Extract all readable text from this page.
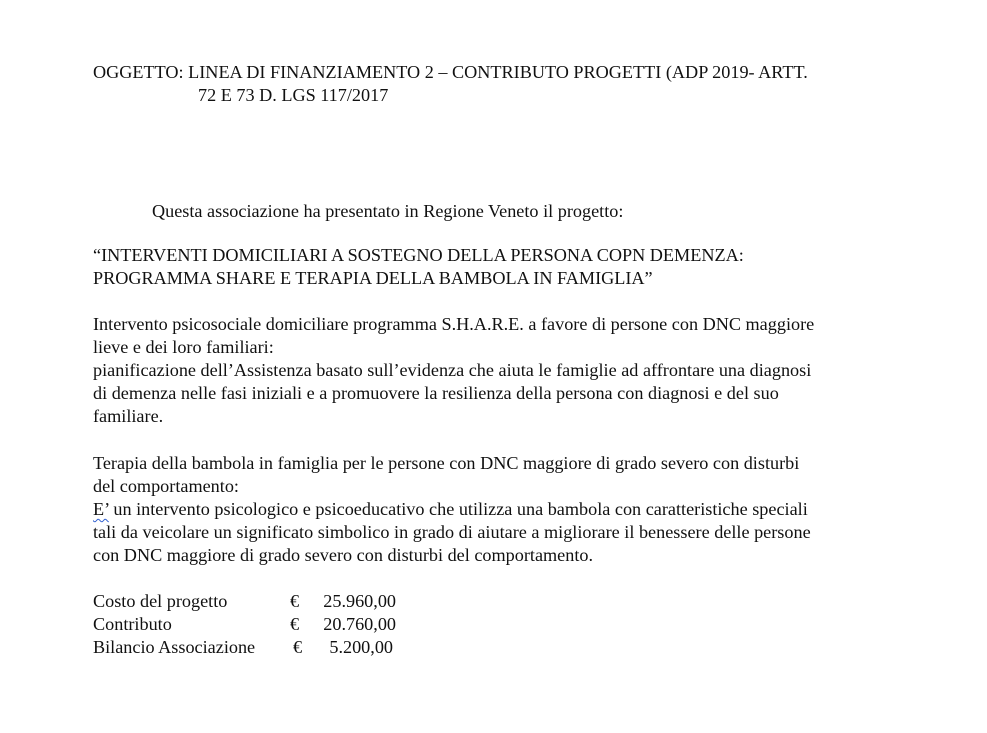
OGGETTO: LINEA DI FINANZIAMENTO 2 – CONTRIBUTO PROGETTI (ADP 2019- ARTT.
72 E 73 D. LGS 117/2017
Questa associazione ha presentato in Regione Veneto il progetto:
“INTERVENTI DOMICILIARI A SOSTEGNO DELLA PERSONA COPN DEMENZA:
PROGRAMMA SHARE E TERAPIA DELLA BAMBOLA IN FAMIGLIA”
Intervento psicosociale domiciliare programma S.H.A.R.E. a favore di persone con DNC maggiore
lieve e dei loro familiari:
pianificazione dell’Assistenza basato sull’evidenza che aiuta le famiglie ad affrontare una diagnosi
di demenza nelle fasi iniziali e a promuovere la resilienza della persona con diagnosi e del suo
familiare.
Terapia della bambola in famiglia per le persone con DNC maggiore di grado severo con disturbi
del comportamento:
E’ un intervento psicologico e psicoeducativo che utilizza una bambola con caratteristiche speciali
tali da veicolare un significato simbolico in grado di aiutare a migliorare il benessere delle persone
con DNC maggiore di grado severo con disturbi del comportamento.
Costo del progetto	€ 25.960,00
Contributo	€ 20.760,00
Bilancio Associazione € 5.200,00
